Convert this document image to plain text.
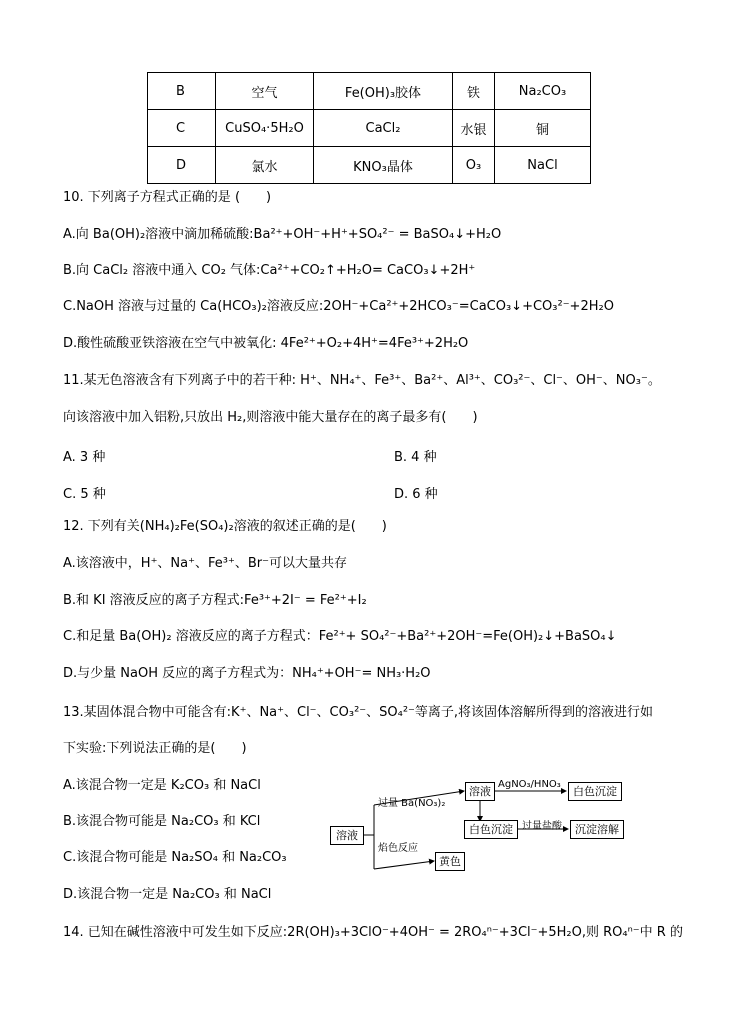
B	空气	Fe(OH)₃胶体	铁	Na₂CO₃
C	CuSO₄·5H₂O	CaCl₂	水银	铜
D	氯水	KNO₃晶体	O₃	NaCl
10. 下列离子方程式正确的是 (　　)
A.向 Ba(OH)₂溶液中滴加稀硫酸:Ba²⁺+OH⁻+H⁺+SO₄²⁻ = BaSO₄↓+H₂O
B.向 CaCl₂ 溶液中通入 CO₂ 气体:Ca²⁺+CO₂↑+H₂O= CaCO₃↓+2H⁺
C.NaOH 溶液与过量的 Ca(HCO₃)₂溶液反应:2OH⁻+Ca²⁺+2HCO₃⁻=CaCO₃↓+CO₃²⁻+2H₂O
D.酸性硫酸亚铁溶液在空气中被氧化: 4Fe²⁺+O₂+4H⁺=4Fe³⁺+2H₂O
11.某无色溶液含有下列离子中的若干种: H⁺、NH₄⁺、Fe³⁺、Ba²⁺、Al³⁺、CO₃²⁻、Cl⁻、OH⁻、NO₃⁻。
向该溶液中加入铝粉,只放出 H₂,则溶液中能大量存在的离子最多有(　　)
A. 3 种	B. 4 种
C. 5 种	D. 6 种
12. 下列有关(NH₄)₂Fe(SO₄)₂溶液的叙述正确的是(　　)
A.该溶液中，H⁺、Na⁺、Fe³⁺、Br⁻可以大量共存
B.和 KI 溶液反应的离子方程式:Fe³⁺+2I⁻ = Fe²⁺+I₂
C.和足量 Ba(OH)₂ 溶液反应的离子方程式：Fe²⁺+ SO₄²⁻+Ba²⁺+2OH⁻=Fe(OH)₂↓+BaSO₄↓
D.与少量 NaOH 反应的离子方程式为：NH₄⁺+OH⁻= NH₃·H₂O
13.某固体混合物中可能含有:K⁺、Na⁺、Cl⁻、CO₃²⁻、SO₄²⁻等离子,将该固体溶解所得到的溶液进行如
下实验:下列说法正确的是(　　)
A.该混合物一定是 K₂CO₃ 和 NaCl
B.该混合物可能是 Na₂CO₃ 和 KCl
C.该混合物可能是 Na₂SO₄ 和 Na₂CO₃
D.该混合物一定是 Na₂CO₃ 和 NaCl
溶液
过量 Ba(NO₃)₂
溶液
AgNO₃/HNO₃
白色沉淀
白色沉淀 过量盐酸	沉淀溶解
焰色反应
黄色
14. 已知在碱性溶液中可发生如下反应:2R(OH)₃+3ClO⁻+4OH⁻ = 2RO₄ⁿ⁻+3Cl⁻+5H₂O,则 RO₄ⁿ⁻中 R 的
